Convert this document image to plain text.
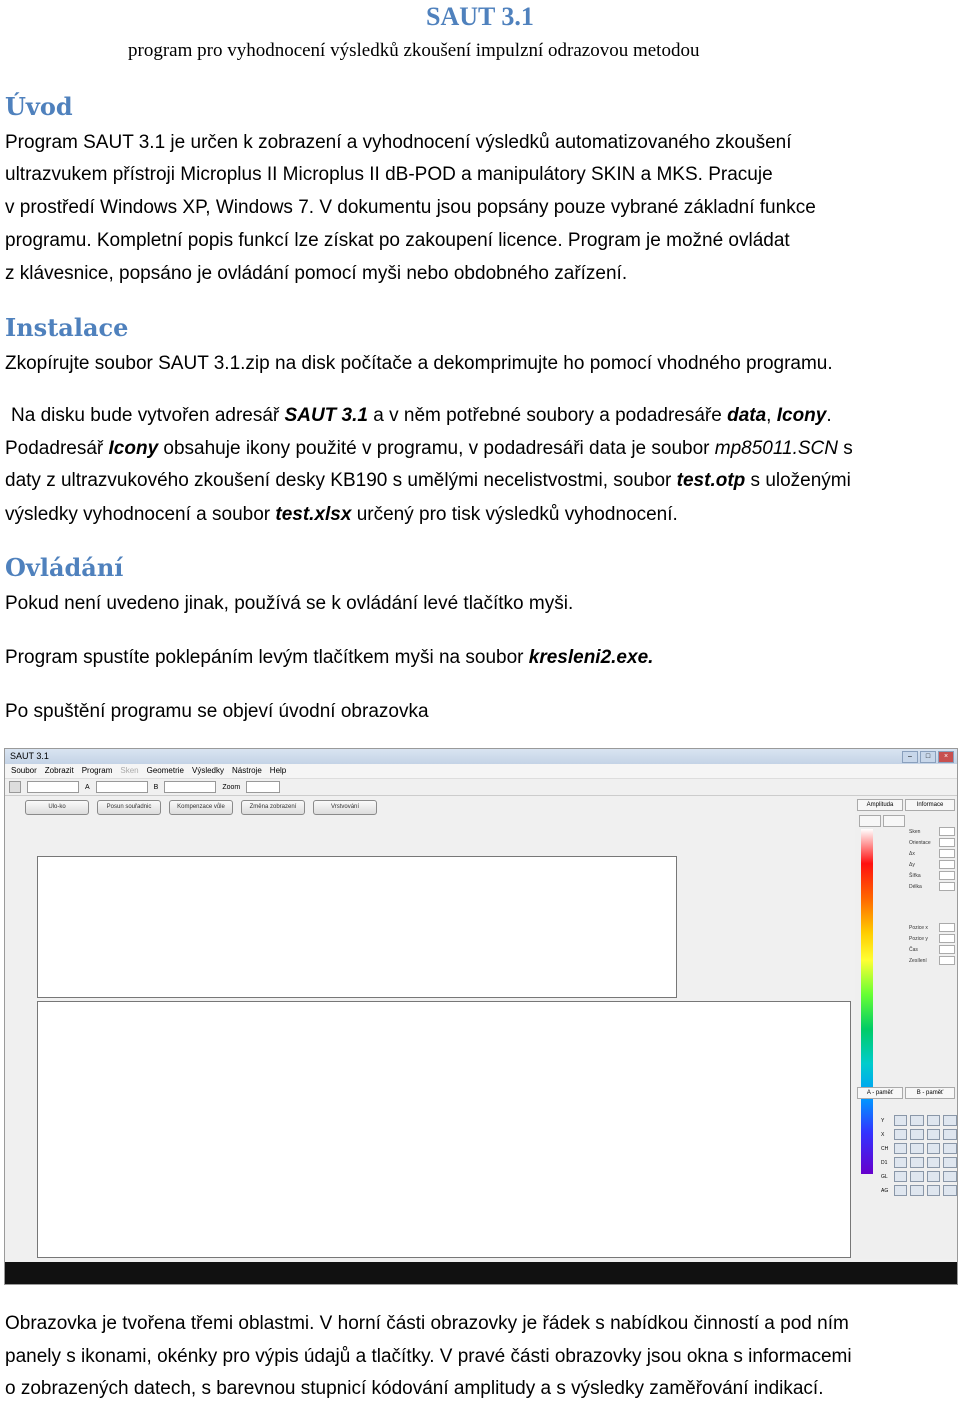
SAUT 3.1
program pro vyhodnocení výsledků zkoušení impulzní odrazovou metodou
Úvod
Program SAUT 3.1 je určen k zobrazení a vyhodnocení výsledků automatizovaného zkoušení
ultrazvukem přístroji Microplus II Microplus II dB-POD a manipulátory SKIN a MKS. Pracuje
v prostředí Windows XP, Windows 7. V dokumentu jsou popsány pouze vybrané základní funkce
programu. Kompletní popis funkcí lze získat po zakoupení licence. Program je možné ovládat
z klávesnice, popsáno je ovládání pomocí myši nebo obdobného zařízení.
Instalace
Zkopírujte soubor SAUT 3.1.zip na disk počítače a dekomprimujte ho pomocí vhodného programu.
Na disku bude vytvořen adresář SAUT 3.1 a v něm potřebné soubory a podadresáře data, Icony.
Podadresář Icony obsahuje ikony použité v programu, v podadresáři data je soubor mp85011.SCN s
daty z ultrazvukového zkoušení desky KB190 s umělými necelistvostmi, soubor test.otp s uloženými
výsledky vyhodnocení a soubor test.xlsx určený pro tisk výsledků vyhodnocení.
Ovládání
Pokud není uvedeno jinak, používá se k ovládání levé tlačítko myši.
Program spustíte poklepáním levým tlačítkem myši na soubor kresleni2.exe.
Po spuštění programu se objeví úvodní obrazovka
SAUT 3.1	–	□	×
Soubor Zobrazit Program Sken Geometrie Výsledky Nástroje Help
A	B	Zoom
Ulo-ko	Posun souřadnic	Kompenzace vůle	Změna zobrazení	Vrstvování	Amplituda	Informace
Sken
Orientace
Δx
Δy
Šířka
Délka
Pozice x
Pozice y
Čas
Zesílení
A - paměť	B - paměť
Y
X
CH
D1
GL
AG
Obrazovka je tvořena třemi oblastmi. V horní části obrazovky je řádek s nabídkou činností a pod ním
panely s ikonami, okénky pro výpis údajů a tlačítky. V pravé části obrazovky jsou okna s informacemi
o zobrazených datech, s barevnou stupnicí kódování amplitudy a s výsledky zaměřování indikací.
